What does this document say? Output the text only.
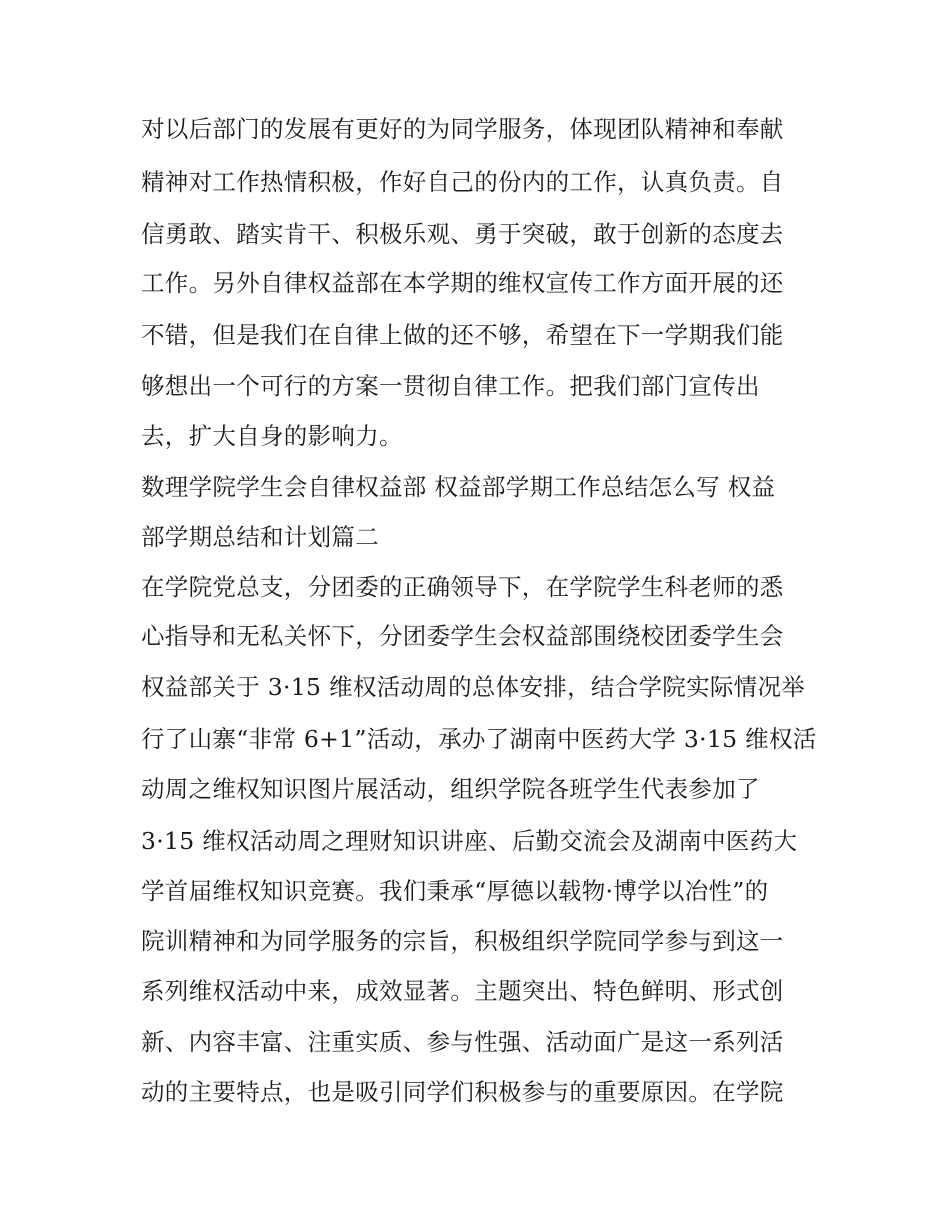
对以后部门的发展有更好的为同学服务，体现团队精神和奉献
精神对工作热情积极，作好自己的份内的工作，认真负责。自
信勇敢、踏实肯干、积极乐观、勇于突破，敢于创新的态度去
工作。另外自律权益部在本学期的维权宣传工作方面开展的还
不错，但是我们在自律上做的还不够，希望在下一学期我们能
够想出一个可行的方案一贯彻自律工作。把我们部门宣传出
去，扩大自身的影响力。
数理学院学生会自律权益部 权益部学期工作总结怎么写 权益
部学期总结和计划篇二
在学院党总支，分团委的正确领导下，在学院学生科老师的悉
心指导和无私关怀下，分团委学生会权益部围绕校团委学生会
权益部关于 3·15 维权活动周的总体安排，结合学院实际情况举
行了山寨“非常 6+1”活动，承办了湖南中医药大学 3·15 维权活
动周之维权知识图片展活动，组织学院各班学生代表参加了
3·15 维权活动周之理财知识讲座、后勤交流会及湖南中医药大
学首届维权知识竞赛。我们秉承“厚德以载物·博学以冶性”的
院训精神和为同学服务的宗旨，积极组织学院同学参与到这一
系列维权活动中来，成效显著。主题突出、特色鲜明、形式创
新、内容丰富、注重实质、参与性强、活动面广是这一系列活
动的主要特点，也是吸引同学们积极参与的重要原因。在学院
